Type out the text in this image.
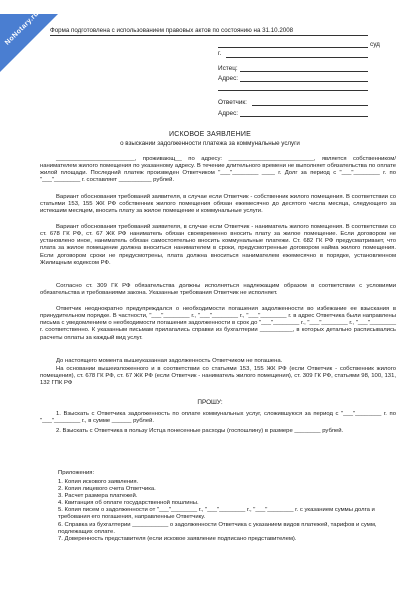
NoNotary.ru Форма подготовлена с использованием правовых актов по состоянию на 31.10.2008
суд
г.
Истец:
Адрес:
Ответчик:
Адрес:
ИСКОВОЕ ЗАЯВЛЕНИЕ
о взыскании задолженности платежа за коммунальные услуги

________________________, проживающ__ по адресу: __________________________, является собственником/нанимателем жилого помещения по указанному адресу. В течение длительного времени не выполняет обязательства по оплате жилой площади. Последний платеж произведен Ответчиком "___"________ ____ г. Долг за период с "___"________ г. по "___"________ г. составляет __________ рублей.

Вариант обоснования требований заявителя, в случае если Ответчик - собственник жилого помещения. В соответствии со статьями 153, 155 ЖК РФ собственник жилого помещения обязан ежемесячно до десятого числа месяца, следующего за истекшим месяцем, вносить плату за жилое помещение и коммунальные услуги.

Вариант обоснования требований заявителя, в случае если Ответчик - наниматель жилого помещения. В соответствии со ст. 678 ГК РФ, ст. 67 ЖК РФ наниматель обязан своевременно вносить плату за жилое помещение. Если договором не установлено иное, наниматель обязан самостоятельно вносить коммунальные платежи. Ст. 682 ГК РФ предусматривает, что плата за жилое помещение должна вноситься нанимателем в сроки, предусмотренные договором найма жилого помещения. Если договором сроки не предусмотрены, плата должна вноситься нанимателем ежемесячно в порядке, установленном Жилищным кодексом РФ.

Согласно ст. 309 ГК РФ обязательства должны исполняться надлежащим образом в соответствии с условиями обязательства и требованиями закона. Указанные требования Ответчик не исполняет.

Ответчик неоднократно предупреждался о необходимости погашения задолженности во избежание ее взыскания в принудительном порядке. В частности, "___"________ г., "___"________ г., "___"________ г. в адрес Ответчика были направлены письма с уведомлением о необходимости погашения задолженности в срок до "___"________ г., "___"________ г., "___"________ г. соответственно. К указанным письмам прилагались справки из бухгалтерии __________, в которых детально расписывались расчеты оплаты за каждый вид услуг.

До настоящего момента вышеуказанная задолженность Ответчиком не погашена.

На основании вышеизложенного и в соответствии со статьями 153, 155 ЖК РФ (если Ответчик - собственник жилого помещения), ст. 678 ГК РФ, ст. 67 ЖК РФ (если Ответчик - наниматель жилого помещения), ст. 309 ГК РФ, статьями 98, 100, 131, 132 ГПК РФ

ПРОШУ:

1. Взыскать с Ответчика задолженность по оплате коммунальных услуг, сложившуюся за период с "___"________ г. по "___"________ г., в сумме ______ рублей.

2. Взыскать с Ответчика в пользу Истца понесенные расходы (госпошлину) в размере ________ рублей.

Приложения:
1. Копия искового заявления.
2. Копия лицевого счета Ответчика.
3. Расчет размера платежей.
4. Квитанция об оплате государственной пошлины.
5. Копия писем о задолженности от "___"________ г., "___"________ г., "___"________ г. с указанием суммы долга и требования его погашения, направленные Ответчику.
6. Справка из бухгалтерии ___________ о задолженности Ответчика с указанием видов платежей, тарифов и сумм, подлежащих оплате.
7. Доверенность представителя (если исковое заявление подписано представителем).
